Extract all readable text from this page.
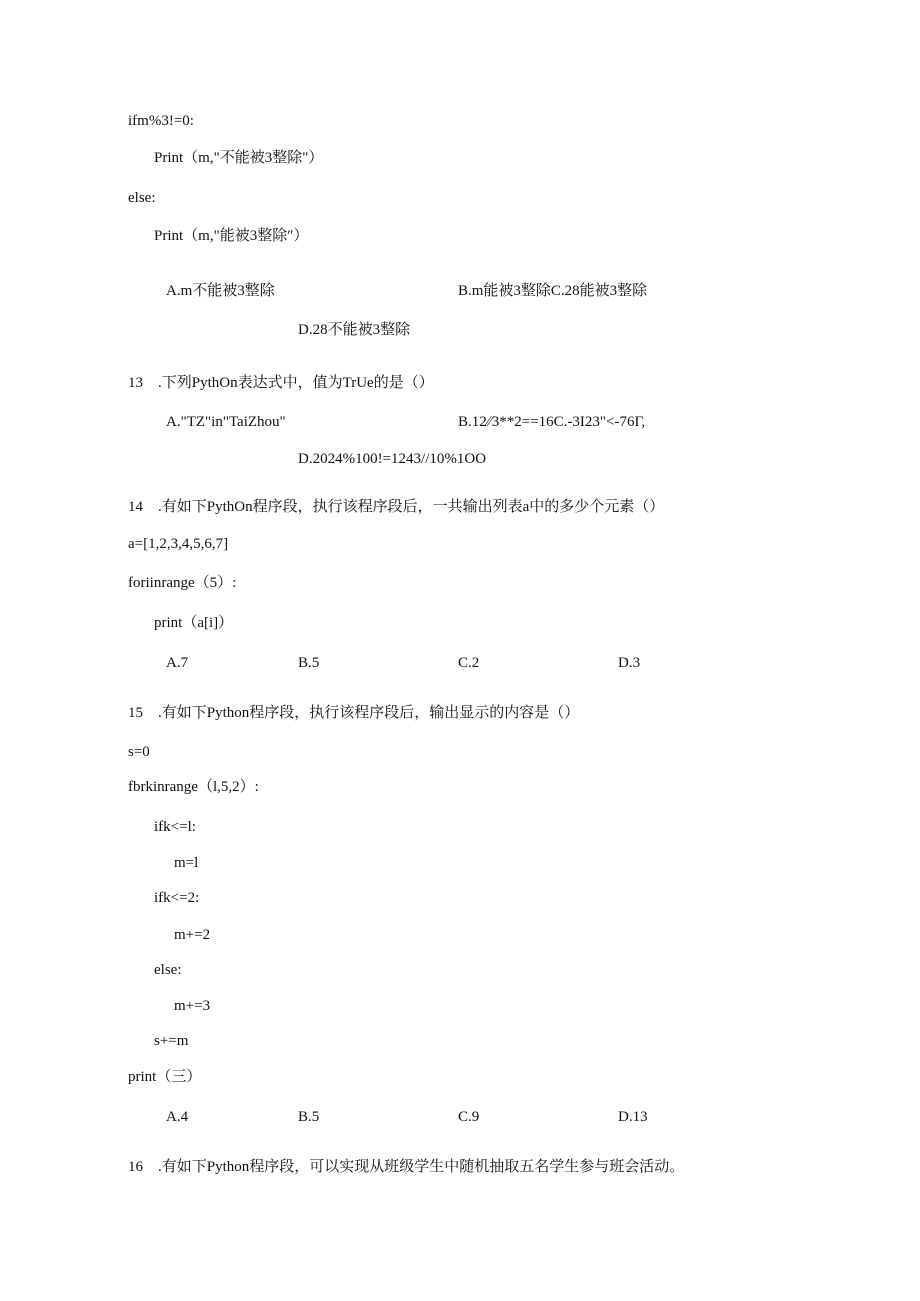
ifm%3!=0:
Print（m,"不能被3整除"）
else:
Print（m,"能被3整除″）
A.m不能被3整除	B.m能被3整除C.28能被3整除
D.28不能被3整除
13 .下列PythOn表达式中，值为TrUe的是（）
A."TZ"in"TaiZhou"	B.12∕∕3**2==16C.-3I23"<-76Γ,
D.2024%100!=1243//10%1OO
14 .有如下PythOn程序段，执行该程序段后，一共输出列表a中的多少个元素（）
a=[1,2,3,4,5,6,7]
foriinrange（5）:
print（a[i]）
A.7	B.5	C.2	D.3
15 .有如下Python程序段，执行该程序段后，输出显示的内容是（）
s=0
fbrkinrange（l,5,2）:
ifk<=l:
m=l
ifk<=2:
m+=2
else:
m+=3
s+=m
print（三）
A.4	B.5	C.9	D.13
16 .有如下Python程序段，可以实现从班级学生中随机抽取五名学生参与班会活动。
